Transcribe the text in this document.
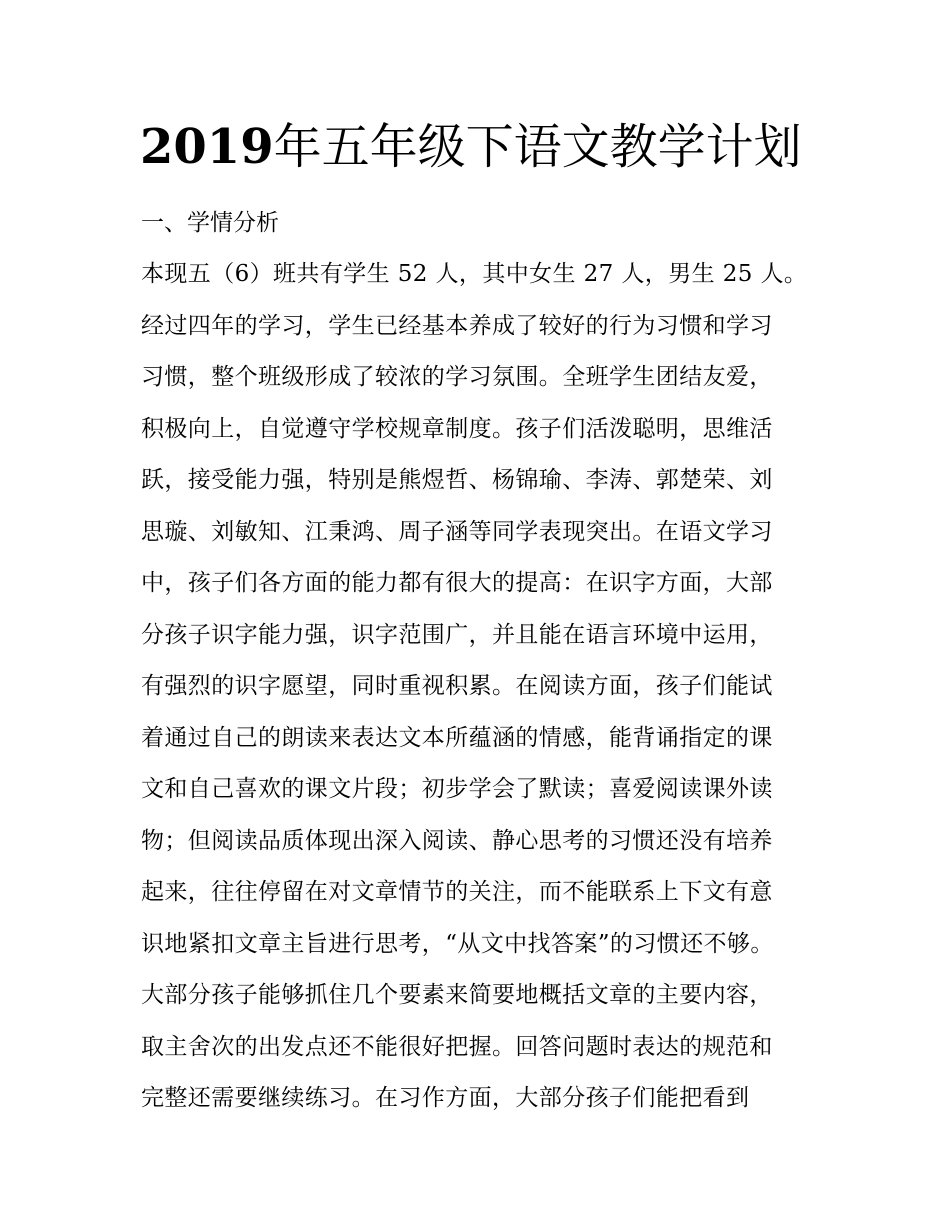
2019年五年级下语文教学计划
一、学情分析
本现五（6）班共有学生 52 人，其中女生 27 人，男生 25 人。
经过四年的学习，学生已经基本养成了较好的行为习惯和学习
习惯，整个班级形成了较浓的学习氛围。全班学生团结友爱，
积极向上，自觉遵守学校规章制度。孩子们活泼聪明，思维活
跃，接受能力强，特别是熊煜哲、杨锦瑜、李涛、郭楚荣、刘
思璇、刘敏知、江秉鸿、周子涵等同学表现突出。在语文学习
中，孩子们各方面的能力都有很大的提高：在识字方面，大部
分孩子识字能力强，识字范围广，并且能在语言环境中运用，
有强烈的识字愿望，同时重视积累。在阅读方面，孩子们能试
着通过自己的朗读来表达文本所蕴涵的情感，能背诵指定的课
文和自己喜欢的课文片段；初步学会了默读；喜爱阅读课外读
物；但阅读品质体现出深入阅读、静心思考的习惯还没有培养
起来，往往停留在对文章情节的关注，而不能联系上下文有意
识地紧扣文章主旨进行思考，“从文中找答案”的习惯还不够。
大部分孩子能够抓住几个要素来简要地概括文章的主要内容，
取主舍次的出发点还不能很好把握。回答问题时表达的规范和
完整还需要继续练习。在习作方面，大部分孩子们能把看到
